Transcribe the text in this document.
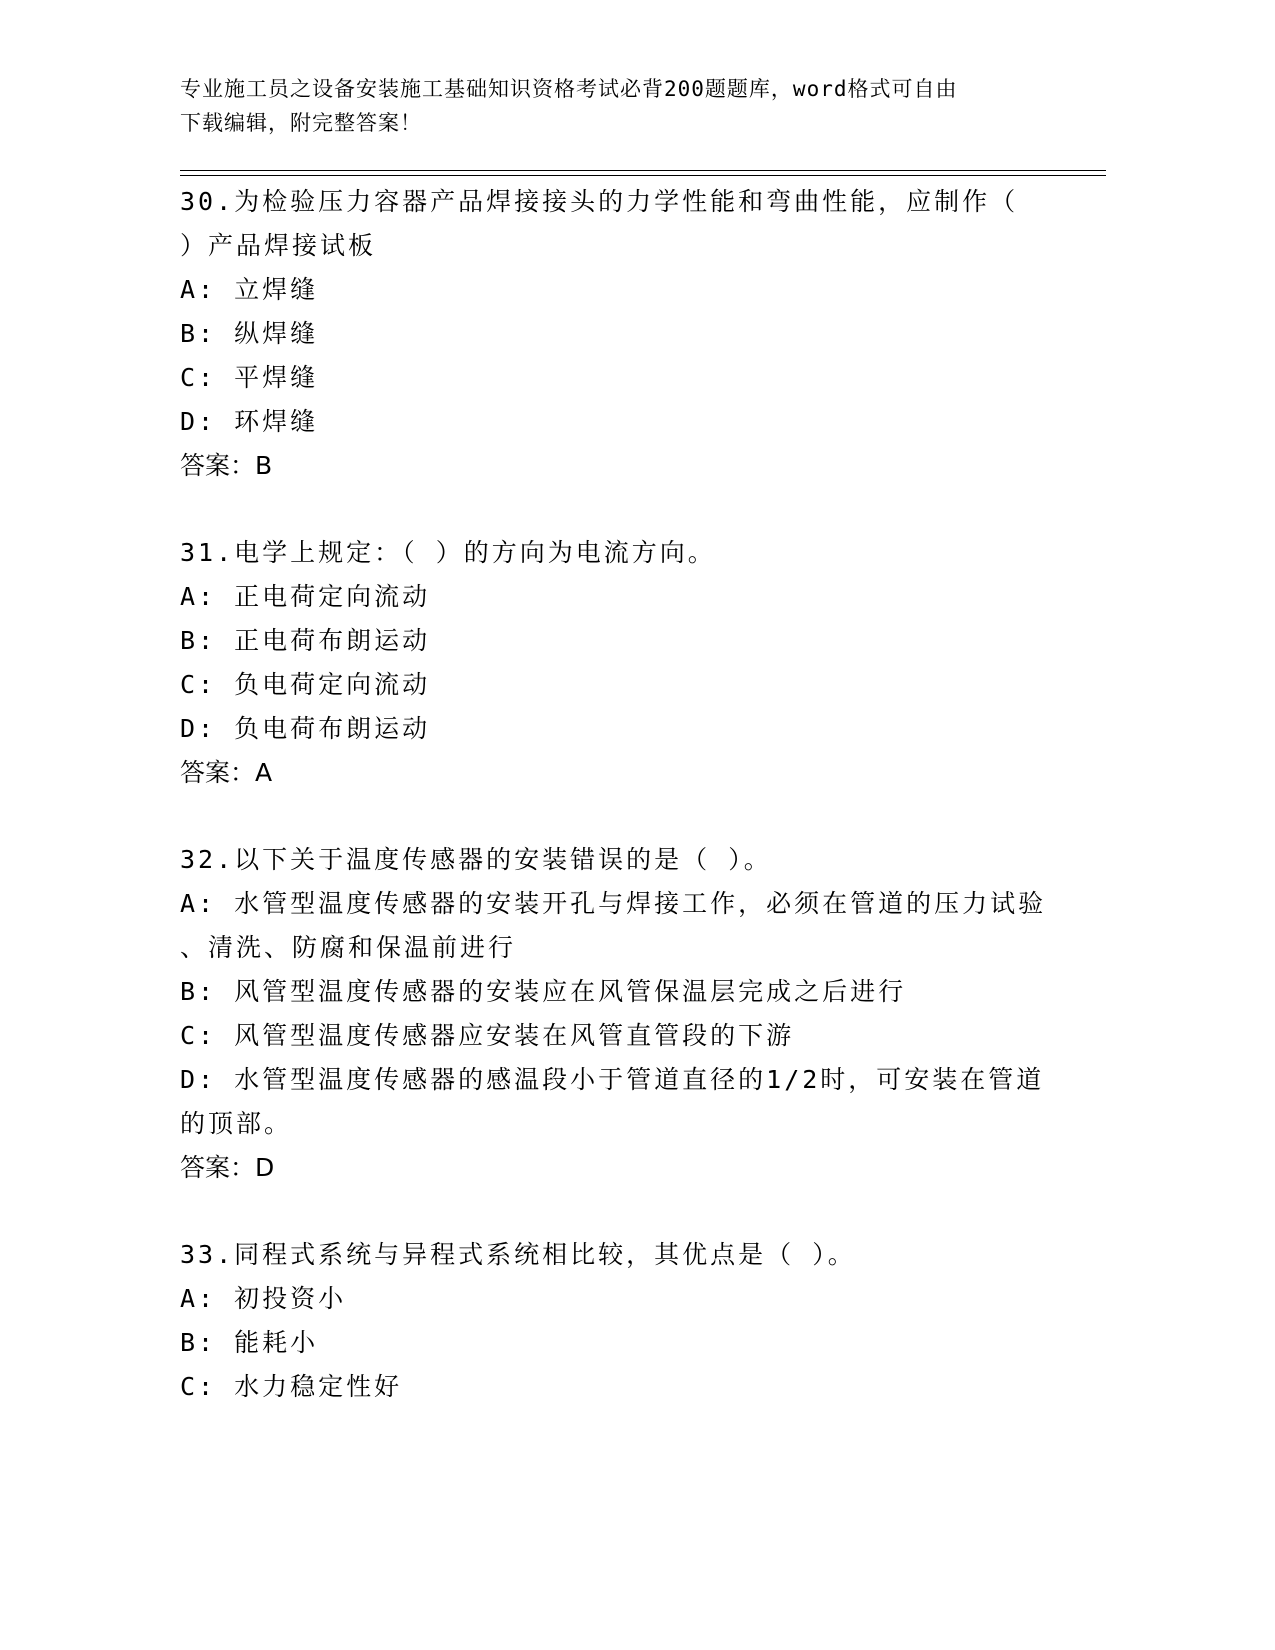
专业施工员之设备安装施工基础知识资格考试必背200题题库，word格式可自由
下载编辑，附完整答案！
30.为检验压力容器产品焊接接头的力学性能和弯曲性能，应制作（
）产品焊接试板
A: 立焊缝
B: 纵焊缝
C: 平焊缝
D: 环焊缝
答案：B
31.电学上规定：（ ）的方向为电流方向。
A: 正电荷定向流动
B: 正电荷布朗运动
C: 负电荷定向流动
D: 负电荷布朗运动
答案：A
32.以下关于温度传感器的安装错误的是（ ）。
A: 水管型温度传感器的安装开孔与焊接工作，必须在管道的压力试验
、清洗、防腐和保温前进行
B: 风管型温度传感器的安装应在风管保温层完成之后进行
C: 风管型温度传感器应安装在风管直管段的下游
D: 水管型温度传感器的感温段小于管道直径的1/2时，可安装在管道
的顶部。
答案：D
33.同程式系统与异程式系统相比较，其优点是（ ）。
A: 初投资小
B: 能耗小
C: 水力稳定性好
